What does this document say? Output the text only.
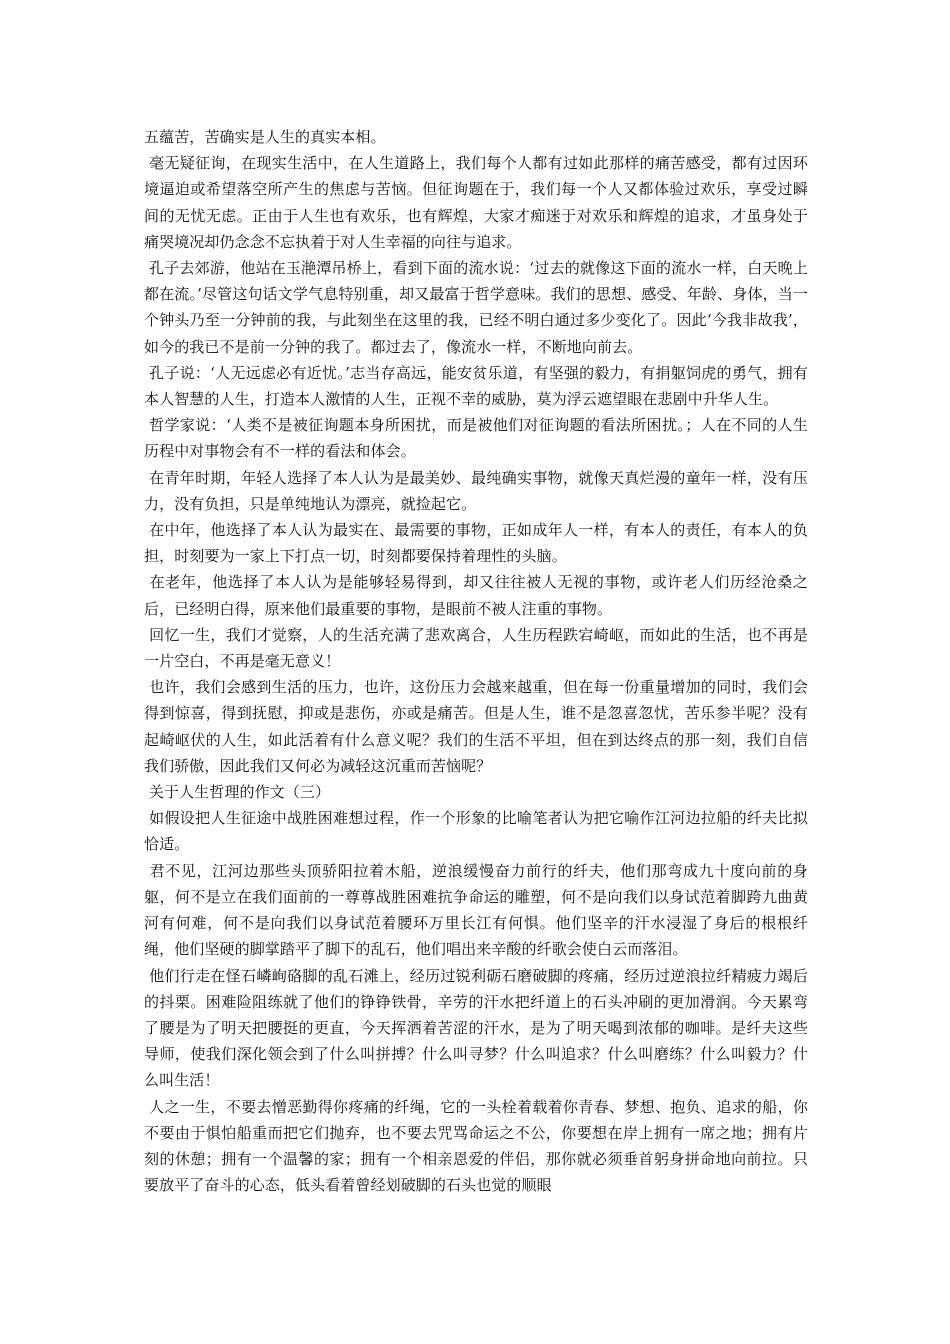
五蕴苦，苦确实是人生的真实本相。

毫无疑征询，在现实生活中，在人生道路上，我们每个人都有过如此那样的痛苦感受，都有过因环境逼迫或希望落空所产生的焦虑与苦恼。但征询题在于，我们每一个人又都体验过欢乐，享受过瞬间的无忧无虑。正由于人生也有欢乐，也有辉煌，大家才痴迷于对欢乐和辉煌的追求，才虽身处于痛哭境况却仍念念不忘执着于对人生幸福的向往与追求。

孔子去郊游，他站在玉滟潭吊桥上，看到下面的流水说：‘过去的就像这下面的流水一样，白天晚上都在流。’尽管这句话文学气息特别重，却又最富于哲学意味。我们的思想、感受、年龄、身体，当一个钟头乃至一分钟前的我，与此刻坐在这里的我，已经不明白通过多少变化了。因此‘今我非故我’，如今的我已不是前一分钟的我了。都过去了，像流水一样，不断地向前去。

孔子说：‘人无远虑必有近忧。’志当存高远，能安贫乐道，有坚强的毅力，有捐躯饲虎的勇气，拥有本人智慧的人生，打造本人激情的人生，正视不幸的威胁，莫为浮云遮望眼在悲剧中升华人生。

哲学家说：‘人类不是被征询题本身所困扰，而是被他们对征询题的看法所困扰。；人在不同的人生历程中对事物会有不一样的看法和体会。

在青年时期，年轻人选择了本人认为是最美妙、最纯确实事物，就像天真烂漫的童年一样，没有压力，没有负担，只是单纯地认为漂亮，就捡起它。

在中年，他选择了本人认为最实在、最需要的事物，正如成年人一样，有本人的责任，有本人的负担，时刻要为一家上下打点一切，时刻都要保持着理性的头脑。

在老年，他选择了本人认为是能够轻易得到，却又往往被人无视的事物，或许老人们历经沧桑之后，已经明白得，原来他们最重要的事物，是眼前不被人注重的事物。

回忆一生，我们才觉察，人的生活充满了悲欢离合，人生历程跌宕崎岖，而如此的生活，也不再是一片空白，不再是毫无意义！

也许，我们会感到生活的压力，也许，这份压力会越来越重，但在每一份重量增加的同时，我们会得到惊喜，得到抚慰，抑或是悲伤，亦或是痛苦。但是人生，谁不是忽喜忽忧，苦乐参半呢？没有起崎岖伏的人生，如此活着有什么意义呢？我们的生活不平坦，但在到达终点的那一刻，我们自信我们骄傲，因此我们又何必为减轻这沉重而苦恼呢？

关于人生哲理的作文（三）

如假设把人生征途中战胜困难想过程，作一个形象的比喻笔者认为把它喻作江河边拉船的纤夫比拟恰适。

君不见，江河边那些头顶骄阳拉着木船，逆浪缓慢奋力前行的纤夫，他们那弯成九十度向前的身躯，何不是立在我们面前的一尊尊战胜困难抗争命运的雕塑，何不是向我们以身试范着脚跨九曲黄河有何难，何不是向我们以身试范着腰环万里长江有何惧。他们坚辛的汗水浸湿了身后的根根纤绳，他们坚硬的脚掌踏平了脚下的乱石，他们唱出来辛酸的纤歌会使白云而落泪。

他们行走在怪石嶙峋硌脚的乱石滩上，经历过锐利砺石磨破脚的疼痛，经历过逆浪拉纤精疲力竭后的抖栗。困难险阻练就了他们的铮铮铁骨，辛劳的汗水把纤道上的石头冲刷的更加滑润。今天累弯了腰是为了明天把腰挺的更直，今天挥洒着苦涩的汗水，是为了明天喝到浓郁的咖啡。是纤夫这些导师，使我们深化领会到了什么叫拼搏？什么叫寻梦？什么叫追求？什么叫磨练？什么叫毅力？什么叫生活！

人之一生，不要去憎恶勤得你疼痛的纤绳，它的一头栓着载着你青春、梦想、抱负、追求的船，你不要由于惧怕船重而把它们抛弃，也不要去咒骂命运之不公，你要想在岸上拥有一席之地；拥有片刻的休憩；拥有一个温馨的家；拥有一个相亲恩爱的伴侣，那你就必须垂首躬身拼命地向前拉。只要放平了奋斗的心态，低头看着曾经划破脚的石头也觉的顺眼
